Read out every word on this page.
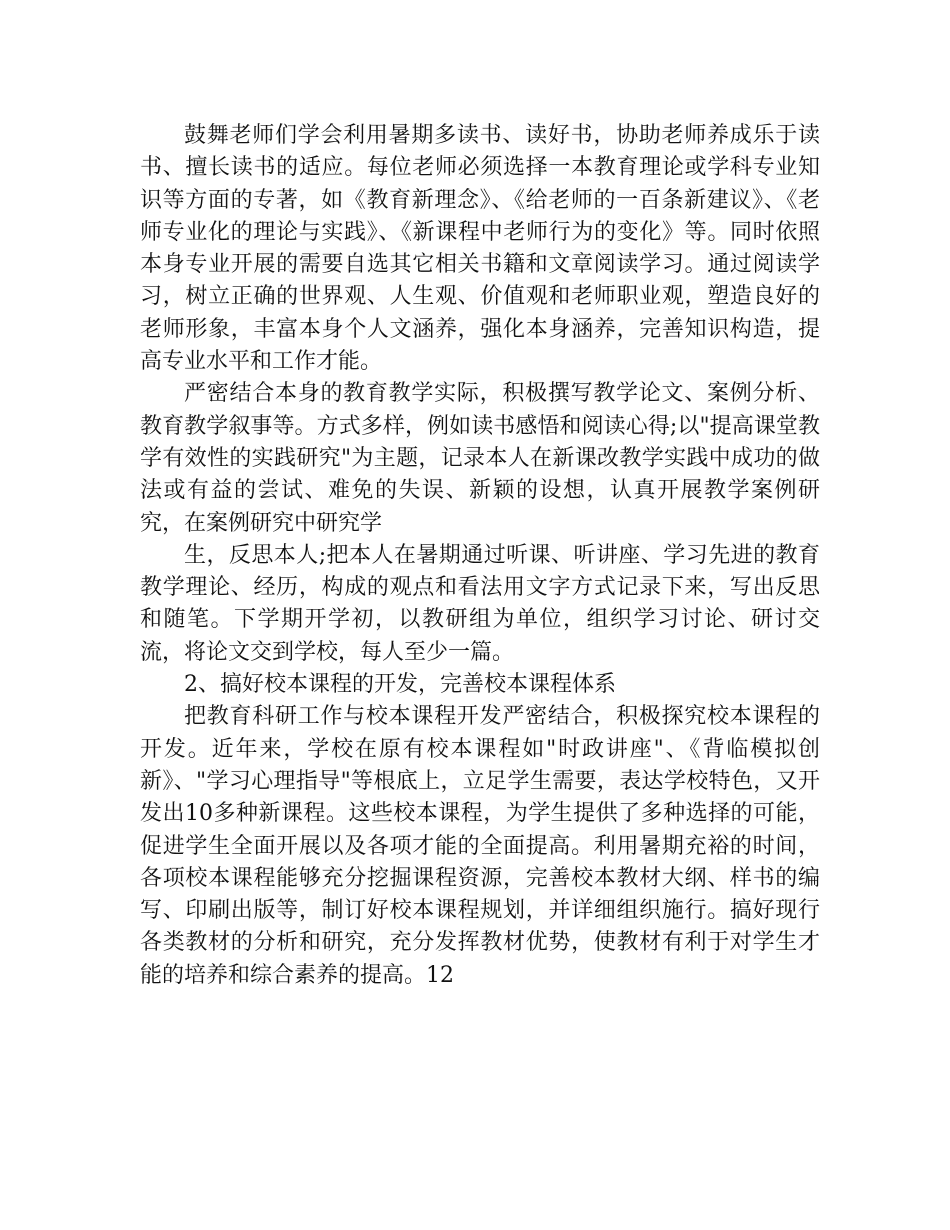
鼓舞老师们学会利用暑期多读书、读好书，协助老师养成乐于读书、擅长读书的适应。每位老师必须选择一本教育理论或学科专业知识等方面的专著，如《教育新理念》、《给老师的一百条新建议》、《老师专业化的理论与实践》、《新课程中老师行为的变化》等。同时依照本身专业开展的需要自选其它相关书籍和文章阅读学习。通过阅读学习，树立正确的世界观、人生观、价值观和老师职业观，塑造良好的老师形象，丰富本身个人文涵养，强化本身涵养，完善知识构造，提高专业水平和工作才能。

严密结合本身的教育教学实际，积极撰写教学论文、案例分析、教育教学叙事等。方式多样，例如读书感悟和阅读心得;以"提高课堂教学有效性的实践研究"为主题，记录本人在新课改教学实践中成功的做法或有益的尝试、难免的失误、新颖的设想，认真开展教学案例研究，在案例研究中研究学

生，反思本人;把本人在暑期通过听课、听讲座、学习先进的教育教学理论、经历，构成的观点和看法用文字方式记录下来，写出反思和随笔。下学期开学初，以教研组为单位，组织学习讨论、研讨交流，将论文交到学校，每人至少一篇。

2、搞好校本课程的开发，完善校本课程体系

把教育科研工作与校本课程开发严密结合，积极探究校本课程的开发。近年来，学校在原有校本课程如"时政讲座"、《背临模拟创新》、"学习心理指导"等根底上，立足学生需要，表达学校特色，又开发出10多种新课程。这些校本课程，为学生提供了多种选择的可能，促进学生全面开展以及各项才能的全面提高。利用暑期充裕的时间，各项校本课程能够充分挖掘课程资源，完善校本教材大纲、样书的编写、印刷出版等，制订好校本课程规划，并详细组织施行。搞好现行各类教材的分析和研究，充分发挥教材优势，使教材有利于对学生才能的培养和综合素养的提高。12
